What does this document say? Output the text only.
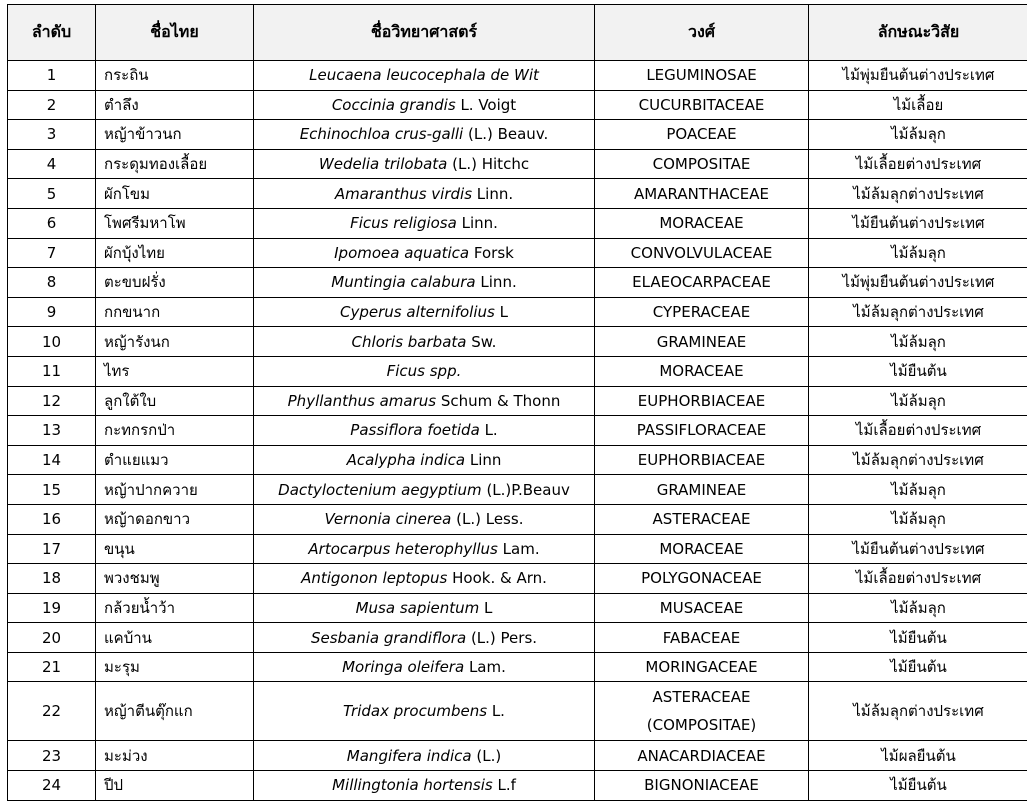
ลำดับ	ชื่อไทย	ชื่อวิทยาศาสตร์	วงศ์	ลักษณะวิสัย
1	กระถิน	Leucaena leucocephala de Wit	LEGUMINOSAE	ไม้พุ่มยืนต้นต่างประเทศ
2	ตำลึง	Coccinia grandis L. Voigt	CUCURBITACEAE	ไม้เลื้อย
3	หญ้าข้าวนก	Echinochloa crus-galli (L.) Beauv.	POACEAE	ไม้ล้มลุก
4	กระดุมทองเลื้อย	Wedelia trilobata (L.) Hitchc	COMPOSITAE	ไม้เลื้อยต่างประเทศ
5	ผักโขม	Amaranthus virdis Linn.	AMARANTHACEAE	ไม้ล้มลุกต่างประเทศ
6	โพศรีมหาโพ	Ficus religiosa Linn.	MORACEAE	ไม้ยืนต้นต่างประเทศ
7	ผักบุ้งไทย	Ipomoea aquatica Forsk	CONVOLVULACEAE	ไม้ล้มลุก
8	ตะขบฝรั่ง	Muntingia calabura Linn.	ELAEOCARPACEAE	ไม้พุ่มยืนต้นต่างประเทศ
9	กกขนาก	Cyperus alternifolius L	CYPERACEAE	ไม้ล้มลุกต่างประเทศ
10	หญ้ารังนก	Chloris barbata Sw.	GRAMINEAE	ไม้ล้มลุก
11	ไทร	Ficus spp.	MORACEAE	ไม้ยืนต้น
12	ลูกใต้ใบ	Phyllanthus amarus Schum & Thonn	EUPHORBIACEAE	ไม้ล้มลุก
13	กะทกรกป่า	Passiflora foetida L.	PASSIFLORACEAE	ไม้เลื้อยต่างประเทศ
14	ตำแยแมว	Acalypha indica Linn	EUPHORBIACEAE	ไม้ล้มลุกต่างประเทศ
15	หญ้าปากควาย	Dactyloctenium aegyptium (L.)P.Beauv	GRAMINEAE	ไม้ล้มลุก
16	หญ้าดอกขาว	Vernonia cinerea (L.) Less.	ASTERACEAE	ไม้ล้มลุก
17	ขนุน	Artocarpus heterophyllus Lam.	MORACEAE	ไม้ยืนต้นต่างประเทศ
18	พวงชมพู	Antigonon leptopus Hook. & Arn.	POLYGONACEAE	ไม้เลื้อยต่างประเทศ
19	กล้วยน้ำว้า	Musa sapientum L	MUSACEAE	ไม้ล้มลุก
20	แคบ้าน	Sesbania grandiflora (L.) Pers.	FABACEAE	ไม้ยืนต้น
21	มะรุม	Moringa oleifera Lam.	MORINGACEAE	ไม้ยืนต้น
22	หญ้าตีนตุ๊กแก	Tridax procumbens L.	ASTERACEAE
(COMPOSITAE)	ไม้ล้มลุกต่างประเทศ
23	มะม่วง	Mangifera indica (L.)	ANACARDIACEAE	ไม้ผลยืนต้น
24	ปีป	Millingtonia hortensis L.f	BIGNONIACEAE	ไม้ยืนต้น
